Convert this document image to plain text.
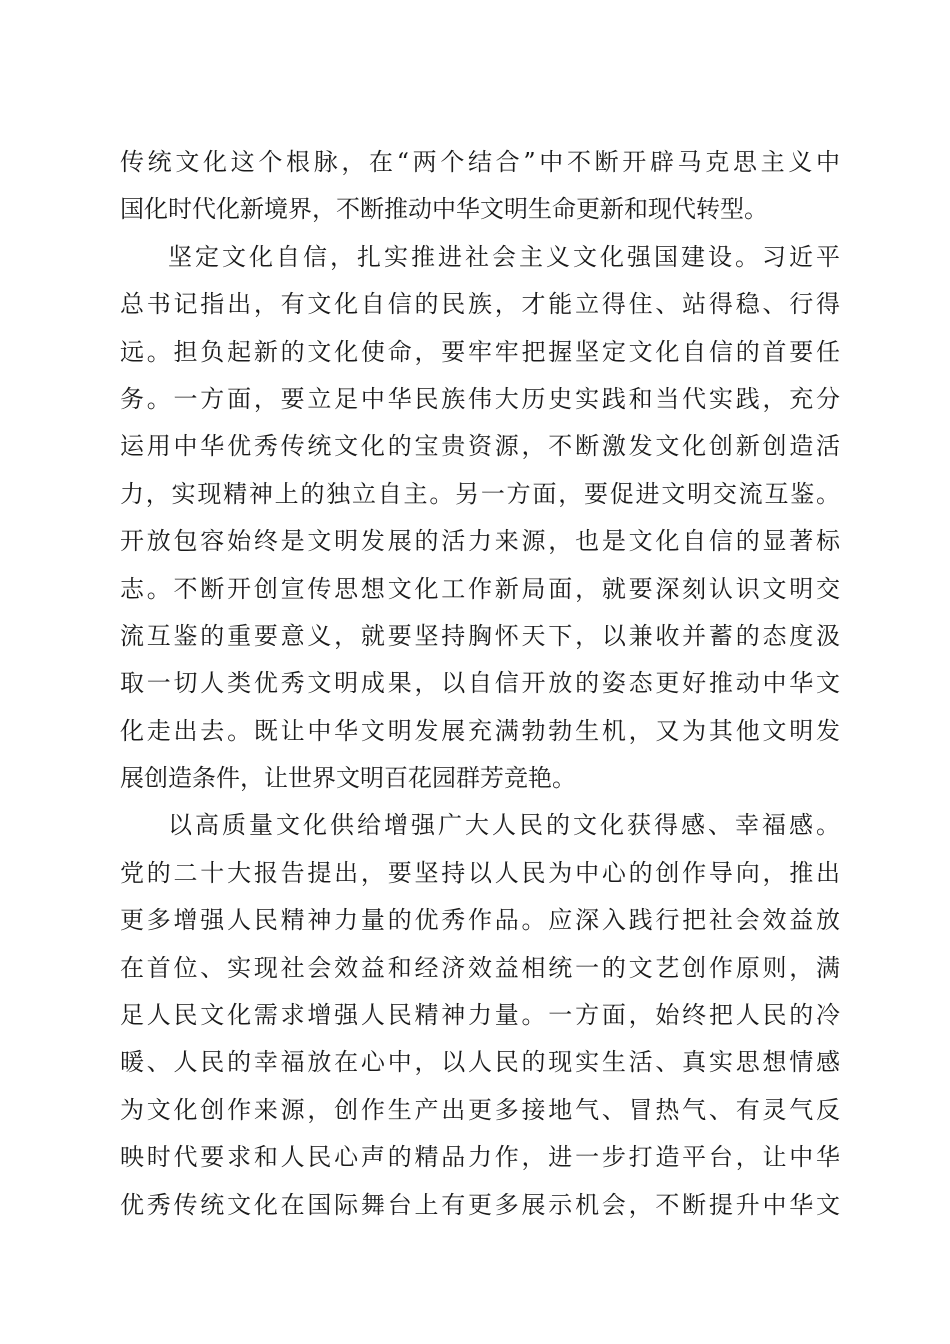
传统文化这个根脉，在“两个结合”中不断开辟马克思主义中
国化时代化新境界，不断推动中华文明生命更新和现代转型。
坚定文化自信，扎实推进社会主义文化强国建设。习近平
总书记指出，有文化自信的民族，才能立得住、站得稳、行得
远。担负起新的文化使命，要牢牢把握坚定文化自信的首要任
务。一方面，要立足中华民族伟大历史实践和当代实践，充分
运用中华优秀传统文化的宝贵资源，不断激发文化创新创造活
力，实现精神上的独立自主。另一方面，要促进文明交流互鉴。
开放包容始终是文明发展的活力来源，也是文化自信的显著标
志。不断开创宣传思想文化工作新局面，就要深刻认识文明交
流互鉴的重要意义，就要坚持胸怀天下，以兼收并蓄的态度汲
取一切人类优秀文明成果，以自信开放的姿态更好推动中华文
化走出去。既让中华文明发展充满勃勃生机，又为其他文明发
展创造条件，让世界文明百花园群芳竞艳。
以高质量文化供给增强广大人民的文化获得感、幸福感。
党的二十大报告提出，要坚持以人民为中心的创作导向，推出
更多增强人民精神力量的优秀作品。应深入践行把社会效益放
在首位、实现社会效益和经济效益相统一的文艺创作原则，满
足人民文化需求增强人民精神力量。一方面，始终把人民的冷
暖、人民的幸福放在心中，以人民的现实生活、真实思想情感
为文化创作来源，创作生产出更多接地气、冒热气、有灵气反
映时代要求和人民心声的精品力作，进一步打造平台，让中华
优秀传统文化在国际舞台上有更多展示机会，不断提升中华文
